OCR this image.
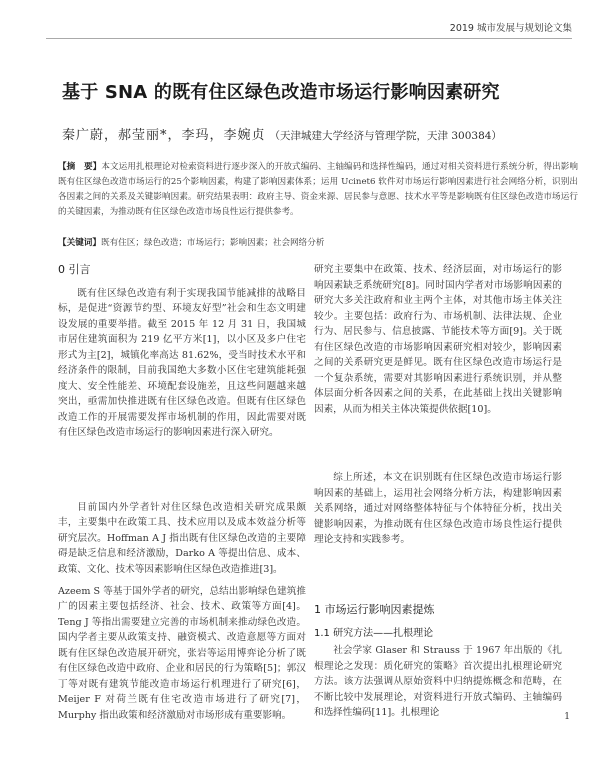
2019 城市发展与规划论文集
基于 SNA 的既有住区绿色改造市场运行影响因素研究
秦广蔚，郝莹丽*，李玛，李婉贞 （天津城建大学经济与管理学院，天津 300384）
【摘　要】本文运用扎根理论对检索资料进行逐步深入的开放式编码、主轴编码和选择性编码，通过对相关资料进行系统分析，得出影响既有住区绿色改造市场运行的25个影响因素，构建了影响因素体系；运用 Ucinet6 软件对市场运行影响因素进行社会网络分析，识别出各因素之间的关系及关键影响因素。研究结果表明：政府主导、资金来源、居民参与意愿、技术水平等是影响既有住区绿色改造市场运行的关键因素，为推动既有住区绿色改造市场良性运行提供参考。
【关键词】既有住区；绿色改造；市场运行；影响因素；社会网络分析
0 引言

既有住区绿色改造有利于实现我国节能减排的战略目标，是促进“资源节约型、环境友好型”社会和生态文明建设发展的重要举措。截至 2015 年 12 月 31 日，我国城市居住建筑面积为 219 亿平方米[1]，以小区及多户住宅形式为主[2]，城镇化率高达 81.62%，受当时技术水平和经济条件的限制，目前我国绝大多数小区住宅建筑能耗强度大、安全性能差、环境配套设施差，且这些问题越来越突出，亟需加快推进既有住区绿色改造。但既有住区绿色改造工作的开展需要发挥市场机制的作用，因此需要对既有住区绿色改造市场运行的影响因素进行深入研究。

目前国内外学者针对住区绿色改造相关研究成果颇丰，主要集中在政策工具、技术应用以及成本效益分析等研究层次。Hoffman A J 指出既有住区绿色改造的主要障碍是缺乏信息和经济激励，Darko A 等提出信息、成本、政策、文化、技术等因素影响住区绿色改造推进[3]。

Azeem S 等基于国外学者的研究，总结出影响绿色建筑推广的因素主要包括经济、社会、技术、政策等方面[4]。Teng J 等指出需要建立完善的市场机制来推动绿色改造。国内学者主要从政策支持、融资模式、改造意愿等方面对既有住区绿色改造展开研究，张岩等运用博弈论分析了既有住区绿色改造中政府、企业和居民的行为策略[5]；郭汉丁等对既有建筑节能改造市场运行机理进行了研究[6]，Meijer F 对荷兰既有住宅改造市场进行了研究[7]，Murphy 指出政策和经济激励对市场形成有重要影响。

研究主要集中在政策、技术、经济层面，对市场运行的影响因素缺乏系统研究[8]。同时国内学者对市场影响因素的研究大多关注政府和业主两个主体，对其他市场主体关注较少。主要包括：政府行为、市场机制、法律法规、企业行为、居民参与、信息披露、节能技术等方面[9]。关于既有住区绿色改造的市场影响因素研究相对较少，影响因素之间的关系研究更是鲜见。既有住区绿色改造市场运行是一个复杂系统，需要对其影响因素进行系统识别，并从整体层面分析各因素之间的关系，在此基础上找出关键影响因素，从而为相关主体决策提供依据[10]。

综上所述，本文在识别既有住区绿色改造市场运行影响因素的基础上，运用社会网络分析方法，构建影响因素关系网络，通过对网络整体特征与个体特征分析，找出关键影响因素，为推动既有住区绿色改造市场良性运行提供理论支持和实践参考。

1 市场运行影响因素提炼
1.1 研究方法——扎根理论

社会学家 Glaser 和 Strauss 于 1967 年出版的《扎根理论之发现：质化研究的策略》首次提出扎根理论研究方法。该方法强调从原始资料中归纳提炼概念和范畴，在不断比较中发展理论，对资料进行开放式编码、主轴编码和选择性编码[11]。扎根理论	1
